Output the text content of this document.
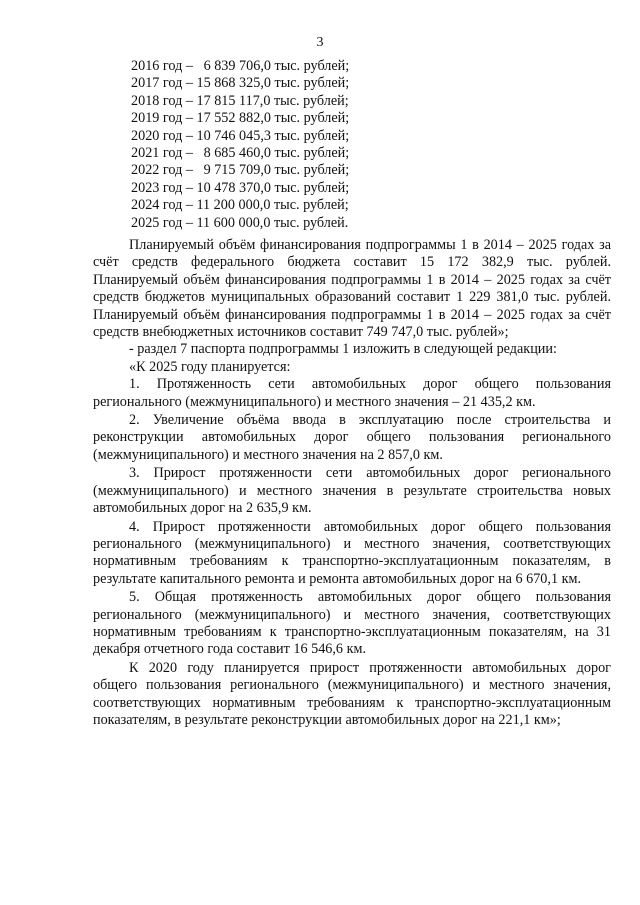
3
2016 год –   6 839 706,0 тыс. рублей;
2017 год – 15 868 325,0 тыс. рублей;
2018 год – 17 815 117,0 тыс. рублей;
2019 год – 17 552 882,0 тыс. рублей;
2020 год – 10 746 045,3 тыс. рублей;
2021 год –   8 685 460,0 тыс. рублей;
2022 год –   9 715 709,0 тыс. рублей;
2023 год – 10 478 370,0 тыс. рублей;
2024 год – 11 200 000,0 тыс. рублей;
2025 год – 11 600 000,0 тыс. рублей.

Планируемый объём финансирования подпрограммы 1 в 2014 – 2025 годах за счёт средств федерального бюджета составит 15 172 382,9 тыс. рублей. Планируемый объём финансирования подпрограммы 1 в 2014 – 2025 годах за счёт средств бюджетов муниципальных образований составит 1 229 381,0 тыс. рублей. Планируемый объём финансирования подпрограммы 1 в 2014 – 2025 годах за счёт средств внебюджетных источников составит 749 747,0 тыс. рублей»;

- раздел 7 паспорта подпрограммы 1 изложить в следующей редакции:

«К 2025 году планируется:

1. Протяженность сети автомобильных дорог общего пользования регионального (межмуниципального) и местного значения – 21 435,2 км.

2. Увеличение объёма ввода в эксплуатацию после строительства и реконструкции автомобильных дорог общего пользования регионального (межмуниципального) и местного значения на 2 857,0 км.

3. Прирост протяженности сети автомобильных дорог регионального (межмуниципального) и местного значения в результате строительства новых автомобильных дорог на 2 635,9 км.

4. Прирост протяженности автомобильных дорог общего пользования регионального (межмуниципального) и местного значения, соответствующих нормативным требованиям к транспортно-эксплуатационным показателям, в результате капитального ремонта и ремонта автомобильных дорог на 6 670,1 км.

5. Общая протяженность автомобильных дорог общего пользования регионального (межмуниципального) и местного значения, соответствующих нормативным требованиям к транспортно-эксплуатационным показателям, на 31 декабря отчетного года составит 16 546,6 км.

К 2020 году планируется прирост протяженности автомобильных дорог общего пользования регионального (межмуниципального) и местного значения, соответствующих нормативным требованиям к транспортно-эксплуатационным показателям, в результате реконструкции автомобильных дорог на 221,1 км»;
